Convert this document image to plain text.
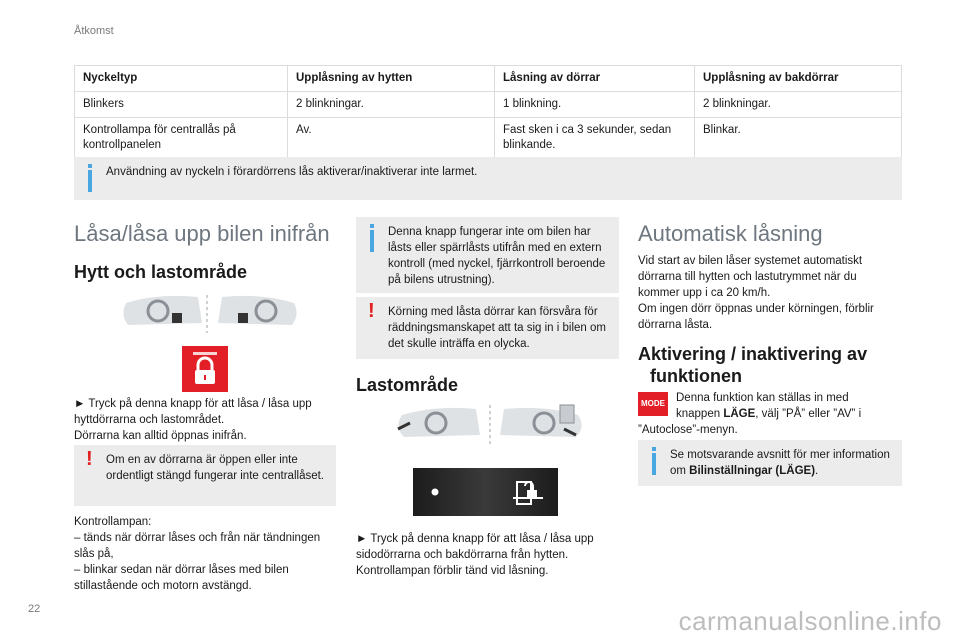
Åtkomst
Nyckeltyp	Upplåsning av hytten	Låsning av dörrar	Upplåsning av bakdörrar
Blinkers	2 blinkningar.	1 blinkning.	2 blinkningar.
Kontrollampa för centrallås på kontrollpanelen	Av.	Fast sken i ca 3 sekunder, sedan blinkande.	Blinkar.
Användning av nyckeln i förardörrens lås aktiverar/inaktiverar inte larmet.
Låsa/låsa upp bilen inifrån
Hytt och lastområde
► Tryck på denna knapp för att låsa / låsa upp
hyttdörrarna och lastområdet.
Dörrarna kan alltid öppnas inifrån.
!	Om en av dörrarna är öppen eller inte ordentligt stängd fungerar inte centrallåset.
Kontrollampan:
– tänds när dörrar låses och från när tändningen
slås på,
– blinkar sedan när dörrar låses med bilen
stillastående och motorn avstängd.
Denna knapp fungerar inte om bilen har låsts eller spärrlåsts utifrån med en extern kontroll (med nyckel, fjärrkontroll beroende på bilens utrustning).
!	Körning med låsta dörrar kan försvåra för räddningsmanskapet att ta sig in i bilen om det skulle inträffa en olycka.
Lastområde
► Tryck på denna knapp för att låsa / låsa upp
sidodörrarna och bakdörrarna från hytten.
Kontrollampan förblir tänd vid låsning.
Automatisk låsning
Vid start av bilen låser systemet automatiskt
dörrarna till hytten och lastutrymmet när du
kommer upp i ca 20 km/h.
Om ingen dörr öppnas under körningen, förblir
dörrarna låsta.
Aktivering / inaktivering av
funktionen
MODE Denna funktion kan ställas in med
knappen LÄGE, välj ”PÅ” eller ”AV” i
”Autoclose”-menyn.
Se motsvarande avsnitt för mer information om Bilinställningar (LÄGE).
22	carmanualsonline.info
